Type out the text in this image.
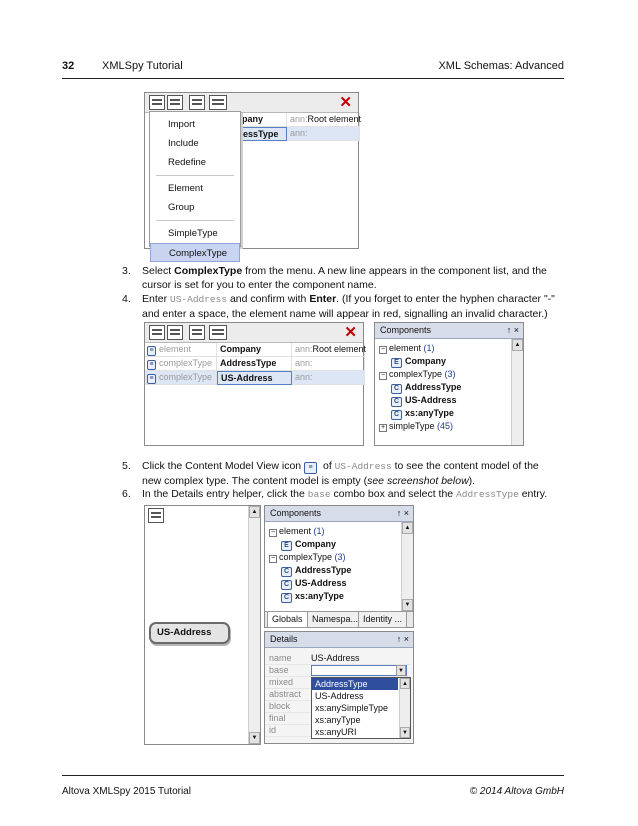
32	XMLSpy Tutorial	XML Schemas: Advanced
✕
pany	ann:Root element
essType	ann:
Import
Include
Redefine
Element
Group
SimpleType
ComplexType
3. Select ComplexType from the menu. A new line appears in the component list, and the
cursor is set for you to enter the component name.
4. Enter US-Address and confirm with Enter. (If you forget to enter the hyphen character "-"
and enter a space, the element name will appear in red, signalling an invalid character.)
✕
≡ element	Company	ann:Root element
≡ complexType AddressType	ann:
≡ complexType US-Address	ann:
Components	↑ ×
− element (1)
E Company
− complexType (3)
C AddressType
C US-Address
C xs:anyType
+ simpleType (45)
▲
5. Click the Content Model View icon ≡ of US-Address to see the content model of the
new complex type. The content model is empty (see screenshot below).
6. In the Details entry helper, click the base combo box and select the AddressType entry.
US-Address
▲
▼
Components	↑ ×
− element (1)
E Company
− complexType (3)
C AddressType
C US-Address
C xs:anyType
▲
▼
Globals	Namespa... Identity ...
Details	↑ ×
name US-Address
base	▼
mixed
abstract
block
final
id
AddressType
US-Address
xs:anySimpleType
xs:anyType
xs:anyURI
▲
▼
Altova XMLSpy 2015 Tutorial	© 2014 Altova GmbH
